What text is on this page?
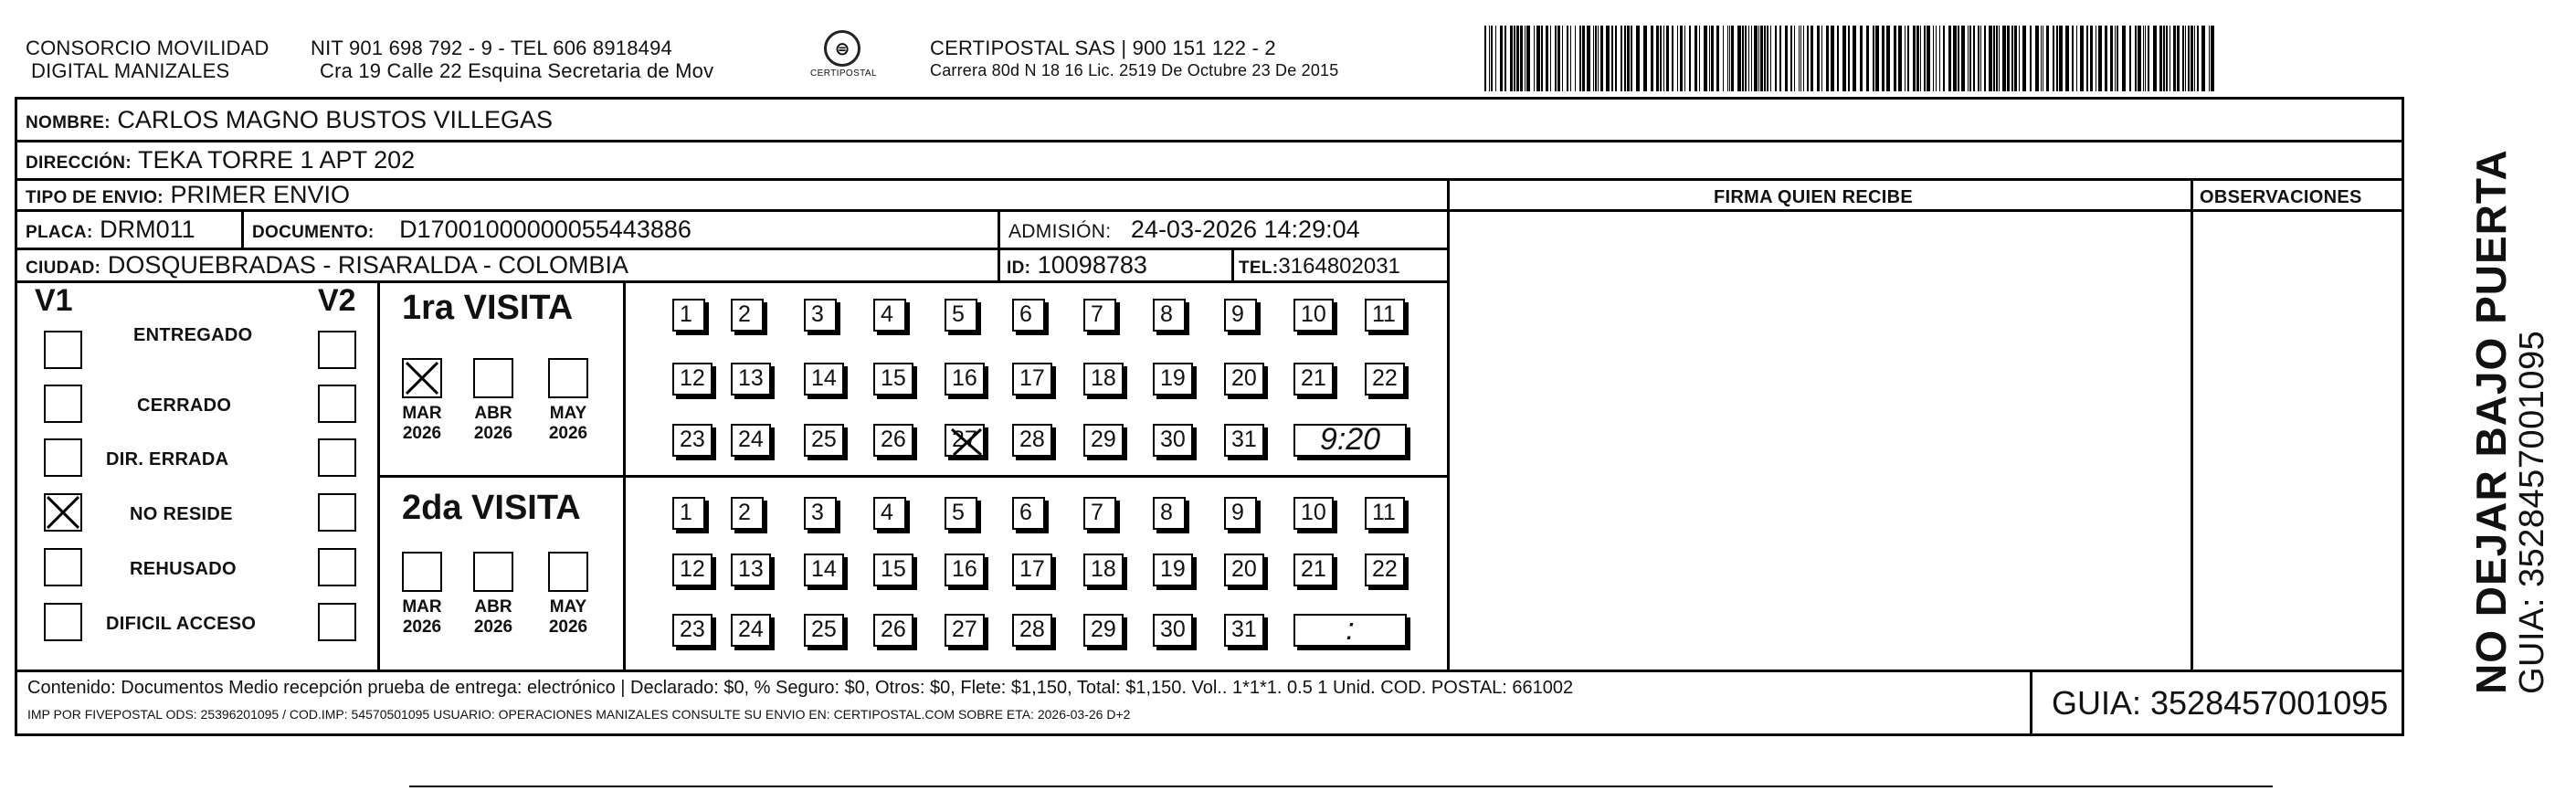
CONSORCIO MOVILIDAD
DIGITAL MANIZALES
NIT 901 698 792 - 9 - TEL 606 8918494
Cra 19 Calle 22 Esquina Secretaria de Mov
⊜
CERTIPOSTAL
CERTIPOSTAL SAS | 900 151 122 - 2
Carrera 80d N 18 16 Lic. 2519 De Octubre 23 De 2015
NOMBRE: CARLOS MAGNO BUSTOS VILLEGAS
DIRECCIÓN: TEKA TORRE 1 APT 202
TIPO DE ENVIO: PRIMER ENVIO
PLACA: DRM011	DOCUMENTO: D17001000000055443886	ADMISIÓN: 24-03-2026 14:29:04
CIUDAD: DOSQUEBRADAS - RISARALDA - COLOMBIA	ID: 10098783	TEL:3164802031
FIRMA QUIEN RECIBE	OBSERVACIONES
V1	V2
ENTREGADO
CERRADO
DIR. ERRADA
NO RESIDE
REHUSADO
DIFICIL ACCESO
1ra VISITA
MAR
2026
ABR
2026
MAY
2026
1	2	3	4	5	6	7	8	9	10	11
12	13	14	15	16	17	18	19	20	21	22
23	24	25	26	27	28	29	30	31	9:20
2da VISITA
MAR
2026
ABR
2026
MAY
2026
1	2	3	4	5	6	7	8	9	10	11
12	13	14	15	16	17	18	19	20	21	22
23	24	25	26	27	28	29	30	31	:
Contenido: Documentos Medio recepción prueba de entrega: electrónico | Declarado: $0, % Seguro: $0, Otros: $0, Flete: $1,150, Total: $1,150. Vol.. 1*1*1. 0.5 1 Unid. COD. POSTAL: 661002
IMP POR FIVEPOSTAL ODS: 25396201095 / COD.IMP: 54570501095 USUARIO: OPERACIONES MANIZALES CONSULTE SU ENVIO EN: CERTIPOSTAL.COM SOBRE ETA: 2026-03-26 D+2	GUIA: 3528457001095
NO DEJAR BAJO PUERTA
GUIA: 3528457001095
